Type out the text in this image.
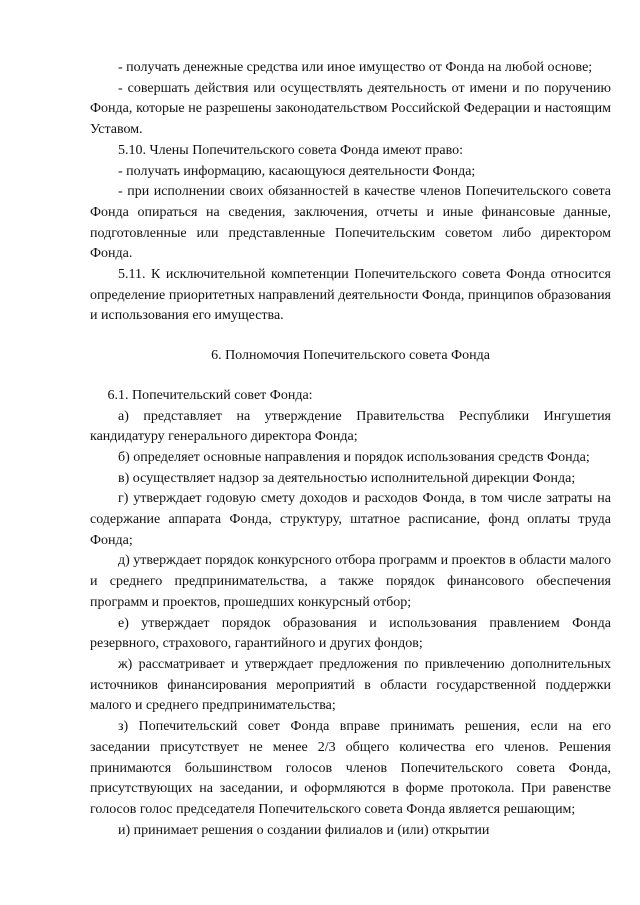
- получать денежные средства или иное имущество от Фонда на любой основе;

- совершать действия или осуществлять деятельность от имени и по поручению Фонда, которые не разрешены законодательством Российской Федерации и настоящим Уставом.

5.10. Члены Попечительского совета Фонда имеют право:

- получать информацию, касающуюся деятельности Фонда;

- при исполнении своих обязанностей в качестве членов Попечительского совета Фонда опираться на сведения, заключения, отчеты и иные финансовые данные, подготовленные или представленные Попечительским советом либо директором Фонда.

5.11. К исключительной компетенции Попечительского совета Фонда относится определение приоритетных направлений деятельности Фонда, принципов образования и использования его имущества.

6. Полномочия Попечительского совета Фонда

6.1. Попечительский совет Фонда:

а) представляет на утверждение Правительства Республики Ингушетия кандидатуру генерального директора Фонда;

б) определяет основные направления и порядок использования средств Фонда;

в) осуществляет надзор за деятельностью исполнительной дирекции Фонда;

г) утверждает годовую смету доходов и расходов Фонда, в том числе затраты на содержание аппарата Фонда, структуру, штатное расписание, фонд оплаты труда Фонда;

д) утверждает порядок конкурсного отбора программ и проектов в области малого и среднего предпринимательства, а также порядок финансового обеспечения программ и проектов, прошедших конкурсный отбор;

е) утверждает порядок образования и использования правлением Фонда резервного, страхового, гарантийного и других фондов;

ж) рассматривает и утверждает предложения по привлечению дополнительных источников финансирования мероприятий в области государственной поддержки малого и среднего предпринимательства;

з) Попечительский совет Фонда вправе принимать решения, если на его заседании присутствует не менее 2/3 общего количества его членов. Решения принимаются большинством голосов членов Попечительского совета Фонда, присутствующих на заседании, и оформляются в форме протокола. При равенстве голосов голос председателя Попечительского совета Фонда является решающим;

и) принимает решения о создании филиалов и (или) открытии
